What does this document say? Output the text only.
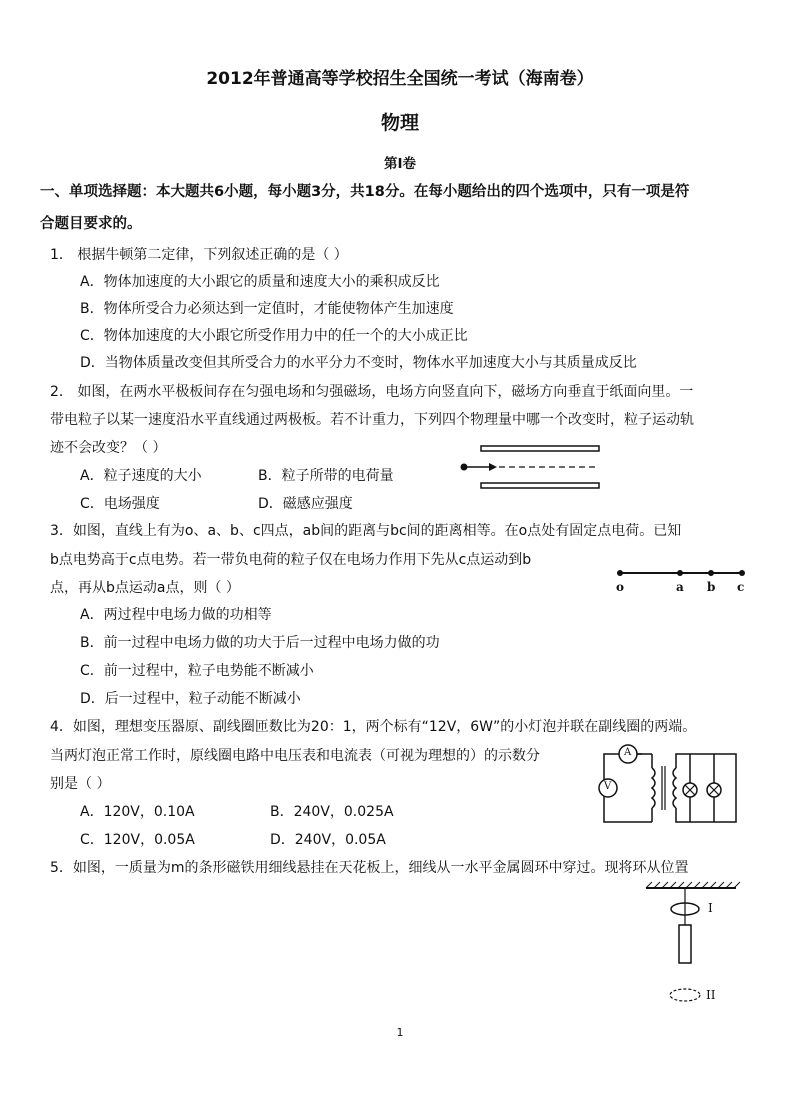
2012年普通高等学校招生全国统一考试（海南卷）
物理
第I卷
一、单项选择题：本大题共6小题，每小题3分，共18分。在每小题给出的四个选项中，只有一项是符
合题目要求的。
1． 根据牛顿第二定律，下列叙述正确的是（ ）
A．物体加速度的大小跟它的质量和速度大小的乘积成反比
B．物体所受合力必须达到一定值时，才能使物体产生加速度
C．物体加速度的大小跟它所受作用力中的任一个的大小成正比
D．当物体质量改变但其所受合力的水平分力不变时，物体水平加速度大小与其质量成反比
2． 如图，在两水平极板间存在匀强电场和匀强磁场，电场方向竖直向下，磁场方向垂直于纸面向里。一
带电粒子以某一速度沿水平直线通过两极板。若不计重力，下列四个物理量中哪一个改变时，粒子运动轨
迹不会改变？（ ）
A．粒子速度的大小	B．粒子所带的电荷量
C．电场强度	D．磁感应强度
3．如图，直线上有为o、a、b、c四点，ab间的距离与bc间的距离相等。在o点处有固定点电荷。已知
b点电势高于c点电势。若一带负电荷的粒子仅在电场力作用下先从c点运动到b
点，再从b点运动a点，则（ ）	o	a b c
A．两过程中电场力做的功相等
B．前一过程中电场力做的功大于后一过程中电场力做的功
C．前一过程中，粒子电势能不断减小
D．后一过程中，粒子动能不断减小
4．如图，理想变压器原、副线圈匝数比为20：1，两个标有“12V，6W”的小灯泡并联在副线圈的两端。
当两灯泡正常工作时，原线圈电路中电压表和电流表（可视为理想的）的示数分
别是（ ）
A
V
A．120V，0.10A	B．240V，0.025A
C．120V，0.05A	D．240V，0.05A
5．如图，一质量为m的条形磁铁用细线悬挂在天花板上，细线从一水平金属圆环中穿过。现将环从位置
I
II
1
